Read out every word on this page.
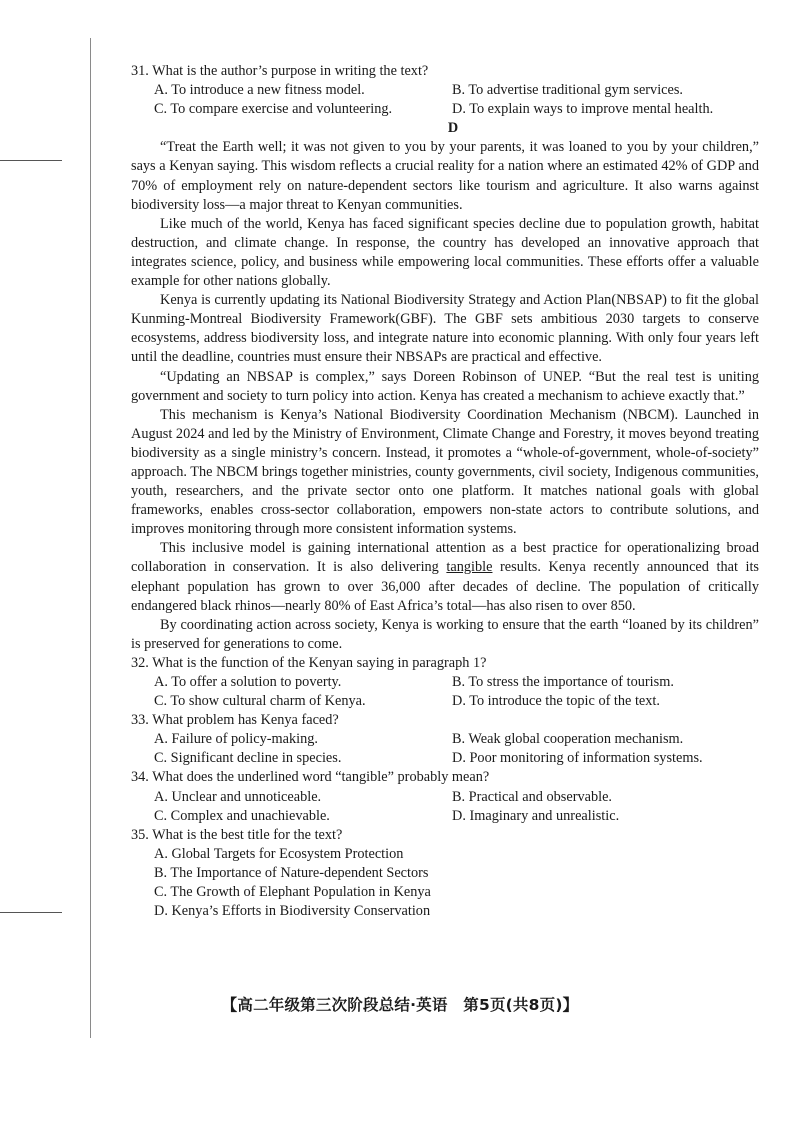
31. What is the author’s purpose in writing the text?

A. To introduce a new fitness model.	B. To advertise traditional gym services.
C. To compare exercise and volunteering.	D. To explain ways to improve mental health.

D

“Treat the Earth well; it was not given to you by your parents, it was loaned to you by your children,” says a Kenyan saying. This wisdom reflects a crucial reality for a nation where an estimated 42% of GDP and 70% of employment rely on nature-dependent sectors like tourism and agriculture. It also warns against biodiversity loss—a major threat to Kenyan communities.

Like much of the world, Kenya has faced significant species decline due to population growth, habitat destruction, and climate change. In response, the country has developed an innovative approach that integrates science, policy, and business while empowering local communities. These efforts offer a valuable example for other nations globally.

Kenya is currently updating its National Biodiversity Strategy and Action Plan(NBSAP) to fit the global Kunming-Montreal Biodiversity Framework(GBF). The GBF sets ambitious 2030 targets to conserve ecosystems, address biodiversity loss, and integrate nature into economic planning. With only four years left until the deadline, countries must ensure their NBSAPs are practical and effective.

“Updating an NBSAP is complex,” says Doreen Robinson of UNEP. “But the real test is uniting government and society to turn policy into action. Kenya has created a mechanism to achieve exactly that.”

This mechanism is Kenya’s National Biodiversity Coordination Mechanism (NBCM). Launched in August 2024 and led by the Ministry of Environment, Climate Change and Forestry, it moves beyond treating biodiversity as a single ministry’s concern. Instead, it promotes a “whole-of-government, whole-of-society” approach. The NBCM brings together ministries, county governments, civil society, Indigenous communities, youth, researchers, and the private sector onto one platform. It matches national goals with global frameworks, enables cross-sector collaboration, empowers non-state actors to contribute solutions, and improves monitoring through more consistent information systems.

This inclusive model is gaining international attention as a best practice for operationalizing broad collaboration in conservation. It is also delivering tangible results. Kenya recently announced that its elephant population has grown to over 36,000 after decades of decline. The population of critically endangered black rhinos—nearly 80% of East Africa’s total—has also risen to over 850.

By coordinating action across society, Kenya is working to ensure that the earth “loaned by its children” is preserved for generations to come.

32. What is the function of the Kenyan saying in paragraph 1?

A. To offer a solution to poverty.	B. To stress the importance of tourism.
C. To show cultural charm of Kenya.	D. To introduce the topic of the text.

33. What problem has Kenya faced?

A. Failure of policy-making.	B. Weak global cooperation mechanism.
C. Significant decline in species.	D. Poor monitoring of information systems.

34. What does the underlined word “tangible” probably mean?

A. Unclear and unnoticeable.	B. Practical and observable.
C. Complex and unachievable.	D. Imaginary and unrealistic.

35. What is the best title for the text?

A. Global Targets for Ecosystem Protection
B. The Importance of Nature-dependent Sectors
C. The Growth of Elephant Population in Kenya
D. Kenya’s Efforts in Biodiversity Conservation
【高二年级第三次阶段总结·英语　第5页(共8页)】
